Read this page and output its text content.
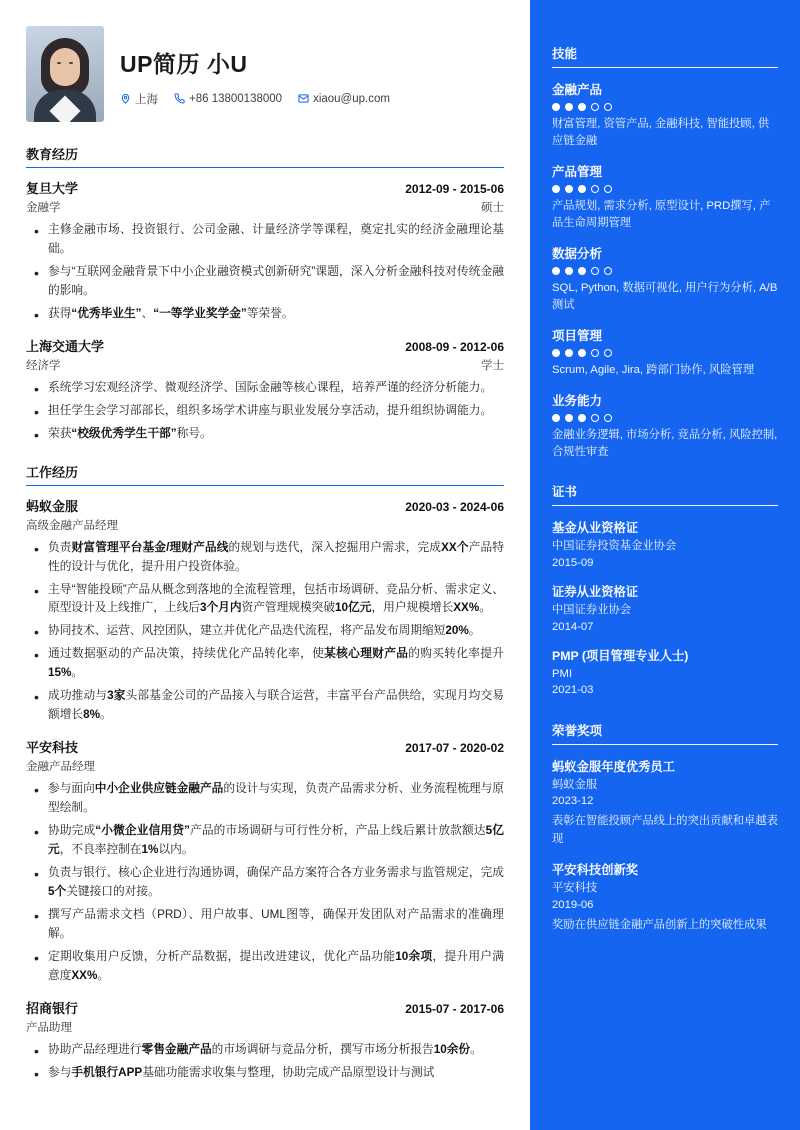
UP简历 小U
上海	+86 13800138000	xiaou@up.com
教育经历
复旦大学	2012-09 - 2015-06
金融学	硕士
• 主修金融市场、投资银行、公司金融、计量经济学等课程，奠定扎实的经济金融理论基础。
• 参与“互联网金融背景下中小企业融资模式创新研究”课题，深入分析金融科技对传统金融的影响。
• 获得“优秀毕业生”、“一等学业奖学金”等荣誉。
上海交通大学	2008-09 - 2012-06
经济学	学士
• 系统学习宏观经济学、微观经济学、国际金融等核心课程，培养严谨的经济分析能力。
• 担任学生会学习部部长，组织多场学术讲座与职业发展分享活动，提升组织协调能力。
• 荣获“校级优秀学生干部”称号。
工作经历
蚂蚁金服	2020-03 - 2024-06
高级金融产品经理
• 负责财富管理平台基金/理财产品线的规划与迭代，深入挖掘用户需求，完成XX个产品特性的设计与优化，提升用户投资体验。
• 主导“智能投顾”产品从概念到落地的全流程管理，包括市场调研、竞品分析、需求定义、原型设计及上线推广，上线后3个月内资产管理规模突破10亿元，用户规模增长XX%。
• 协同技术、运营、风控团队，建立并优化产品迭代流程，将产品发布周期缩短20%。
• 通过数据驱动的产品决策，持续优化产品转化率，使某核心理财产品的购买转化率提升15%。
• 成功推动与3家头部基金公司的产品接入与联合运营，丰富平台产品供给，实现月均交易额增长8%。
平安科技	2017-07 - 2020-02
金融产品经理
• 参与面向中小企业供应链金融产品的设计与实现，负责产品需求分析、业务流程梳理与原型绘制。
• 协助完成“小微企业信用贷”产品的市场调研与可行性分析，产品上线后累计放款额达5亿元，不良率控制在1%以内。
• 负责与银行、核心企业进行沟通协调，确保产品方案符合各方业务需求与监管规定，完成5个关键接口的对接。
• 撰写产品需求文档（PRD）、用户故事、UML图等，确保开发团队对产品需求的准确理解。
• 定期收集用户反馈，分析产品数据，提出改进建议，优化产品功能10余项，提升用户满意度XX%。
招商银行	2015-07 - 2017-06
产品助理
• 协助产品经理进行零售金融产品的市场调研与竞品分析，撰写市场分析报告10余份。
• 参与手机银行APP基础功能需求收集与整理，协助完成产品原型设计与测试
技能
金融产品
财富管理, 资管产品, 金融科技, 智能投顾, 供应链金融
产品管理
产品规划, 需求分析, 原型设计, PRD撰写, 产品生命周期管理
数据分析
SQL, Python, 数据可视化, 用户行为分析, A/B测试
项目管理
Scrum, Agile, Jira, 跨部门协作, 风险管理
业务能力
金融业务逻辑, 市场分析, 竞品分析, 风险控制, 合规性审查
证书
基金从业资格证
中国证券投资基金业协会
2015-09
证券从业资格证
中国证券业协会
2014-07
PMP (项目管理专业人士)
PMI
2021-03
荣誉奖项
蚂蚁金服年度优秀员工
蚂蚁金服
2023-12
表彰在智能投顾产品线上的突出贡献和卓越表现
平安科技创新奖
平安科技
2019-06
奖励在供应链金融产品创新上的突破性成果
